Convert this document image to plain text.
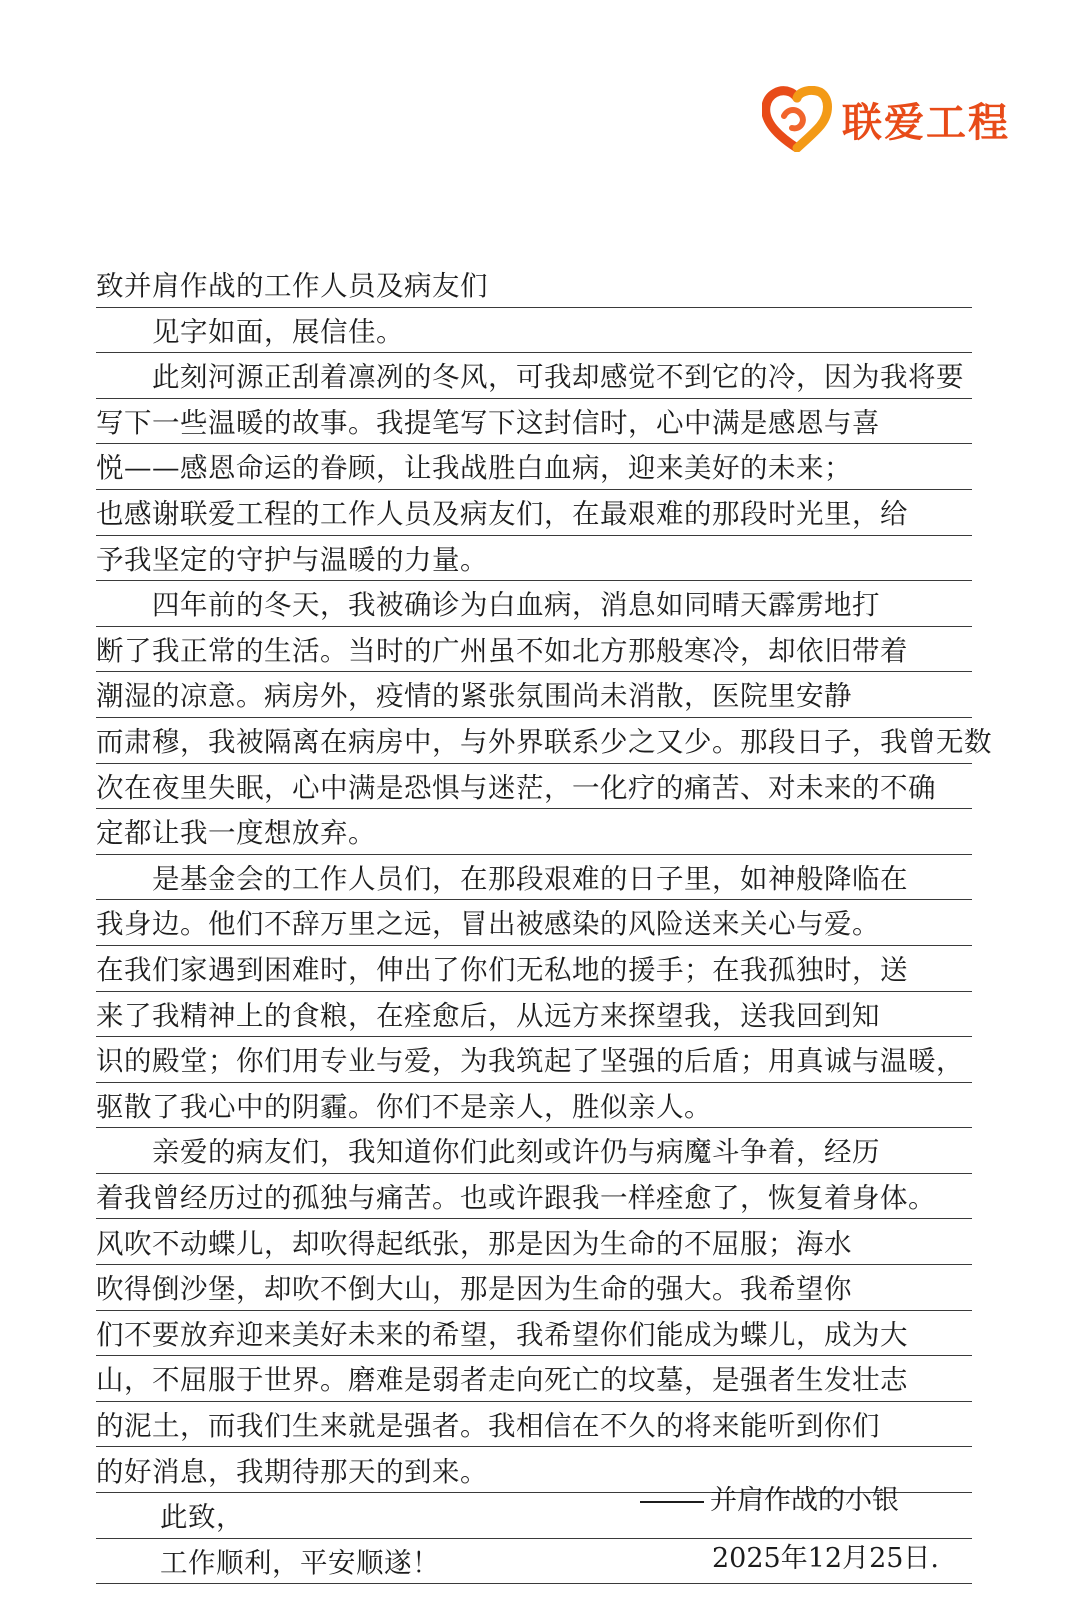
联爱工程
致并肩作战的工作人员及病友们
见字如面，展信佳。
此刻河源正刮着凛冽的冬风，可我却感觉不到它的冷，因为我将要
写下一些温暖的故事。我提笔写下这封信时，心中满是感恩与喜
悦——感恩命运的眷顾，让我战胜白血病，迎来美好的未来；
也感谢联爱工程的工作人员及病友们，在最艰难的那段时光里，给
予我坚定的守护与温暖的力量。
四年前的冬天，我被确诊为白血病，消息如同晴天霹雳地打
断了我正常的生活。当时的广州虽不如北方那般寒冷，却依旧带着
潮湿的凉意。病房外，疫情的紧张氛围尚未消散，医院里安静
而肃穆，我被隔离在病房中，与外界联系少之又少。那段日子，我曾无数
次在夜里失眠，心中满是恐惧与迷茫，一化疗的痛苦、对未来的不确
定都让我一度想放弃。
是基金会的工作人员们，在那段艰难的日子里，如神般降临在
我身边。他们不辞万里之远，冒出被感染的风险送来关心与爱。
在我们家遇到困难时，伸出了你们无私地的援手；在我孤独时，送
来了我精神上的食粮，在痊愈后，从远方来探望我，送我回到知
识的殿堂；你们用专业与爱，为我筑起了坚强的后盾；用真诚与温暖，
驱散了我心中的阴霾。你们不是亲人，胜似亲人。
亲爱的病友们，我知道你们此刻或许仍与病魔斗争着，经历
着我曾经历过的孤独与痛苦。也或许跟我一样痊愈了，恢复着身体。
风吹不动蝶儿，却吹得起纸张，那是因为生命的不屈服；海水
吹得倒沙堡，却吹不倒大山，那是因为生命的强大。我希望你
们不要放弃迎来美好未来的希望，我希望你们能成为蝶儿，成为大
山，不屈服于世界。磨难是弱者走向死亡的坟墓，是强者生发壮志
的泥土，而我们生来就是强者。我相信在不久的将来能听到你们
的好消息，我期待那天的到来。
此致，
工作顺利，平安顺遂！
并肩作战的小银
2025年12月25日.
